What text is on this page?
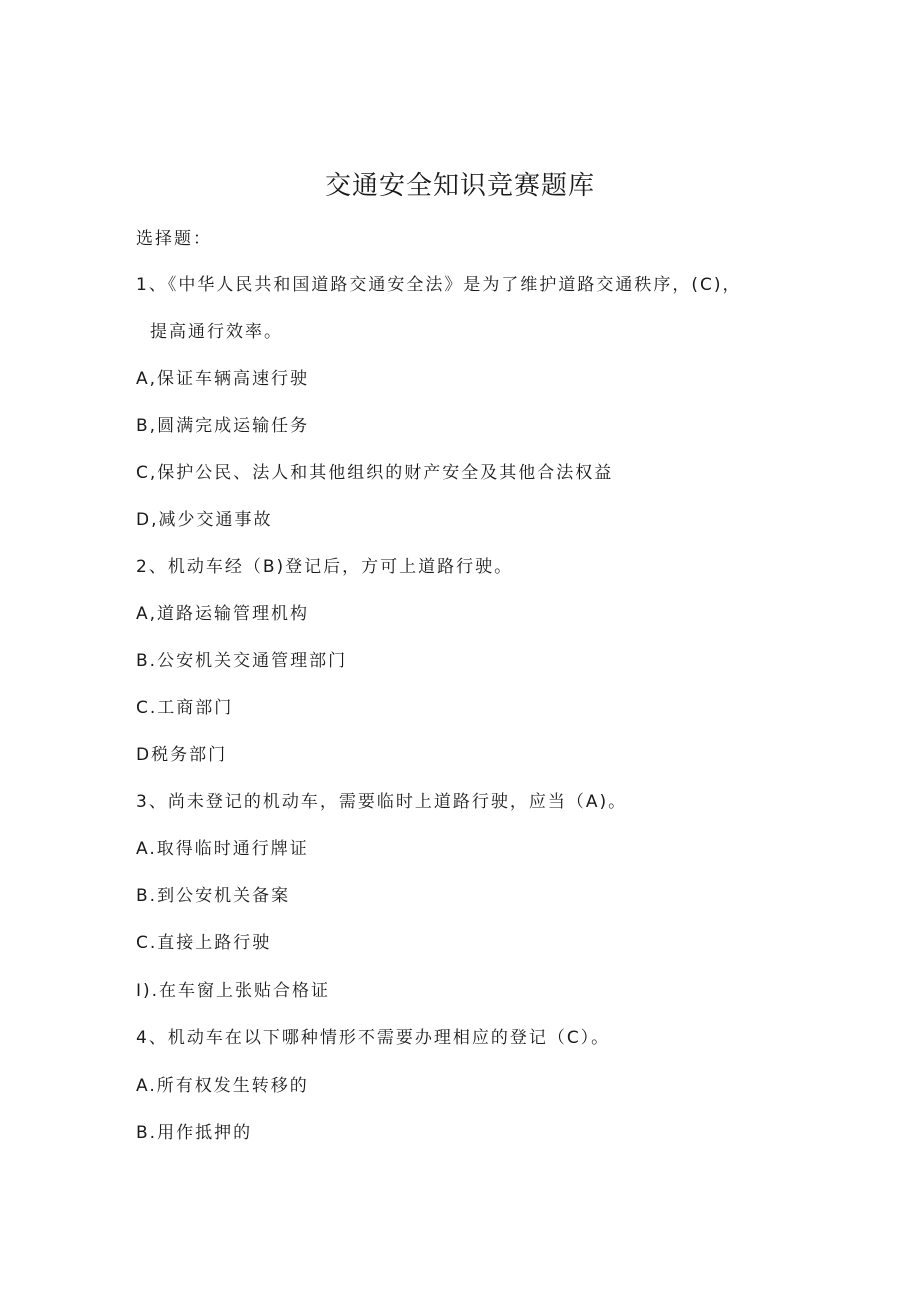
交通安全知识竞赛题库
选择题：
1、《中华人民共和国道路交通安全法》是为了维护道路交通秩序，(C)，
提高通行效率。
A,保证车辆高速行驶
B,圆满完成运输任务
C,保护公民、法人和其他组织的财产安全及其他合法权益
D,减少交通事故
2、机动车经（B)登记后，方可上道路行驶。
A,道路运输管理机构
B.公安机关交通管理部门
C.工商部门
D税务部门
3、尚未登记的机动车，需要临时上道路行驶，应当（A)。
A.取得临时通行牌证
B.到公安机关备案
C.直接上路行驶
I).在车窗上张贴合格证
4、机动车在以下哪种情形不需要办理相应的登记（C）。
A.所有权发生转移的
B.用作抵押的
